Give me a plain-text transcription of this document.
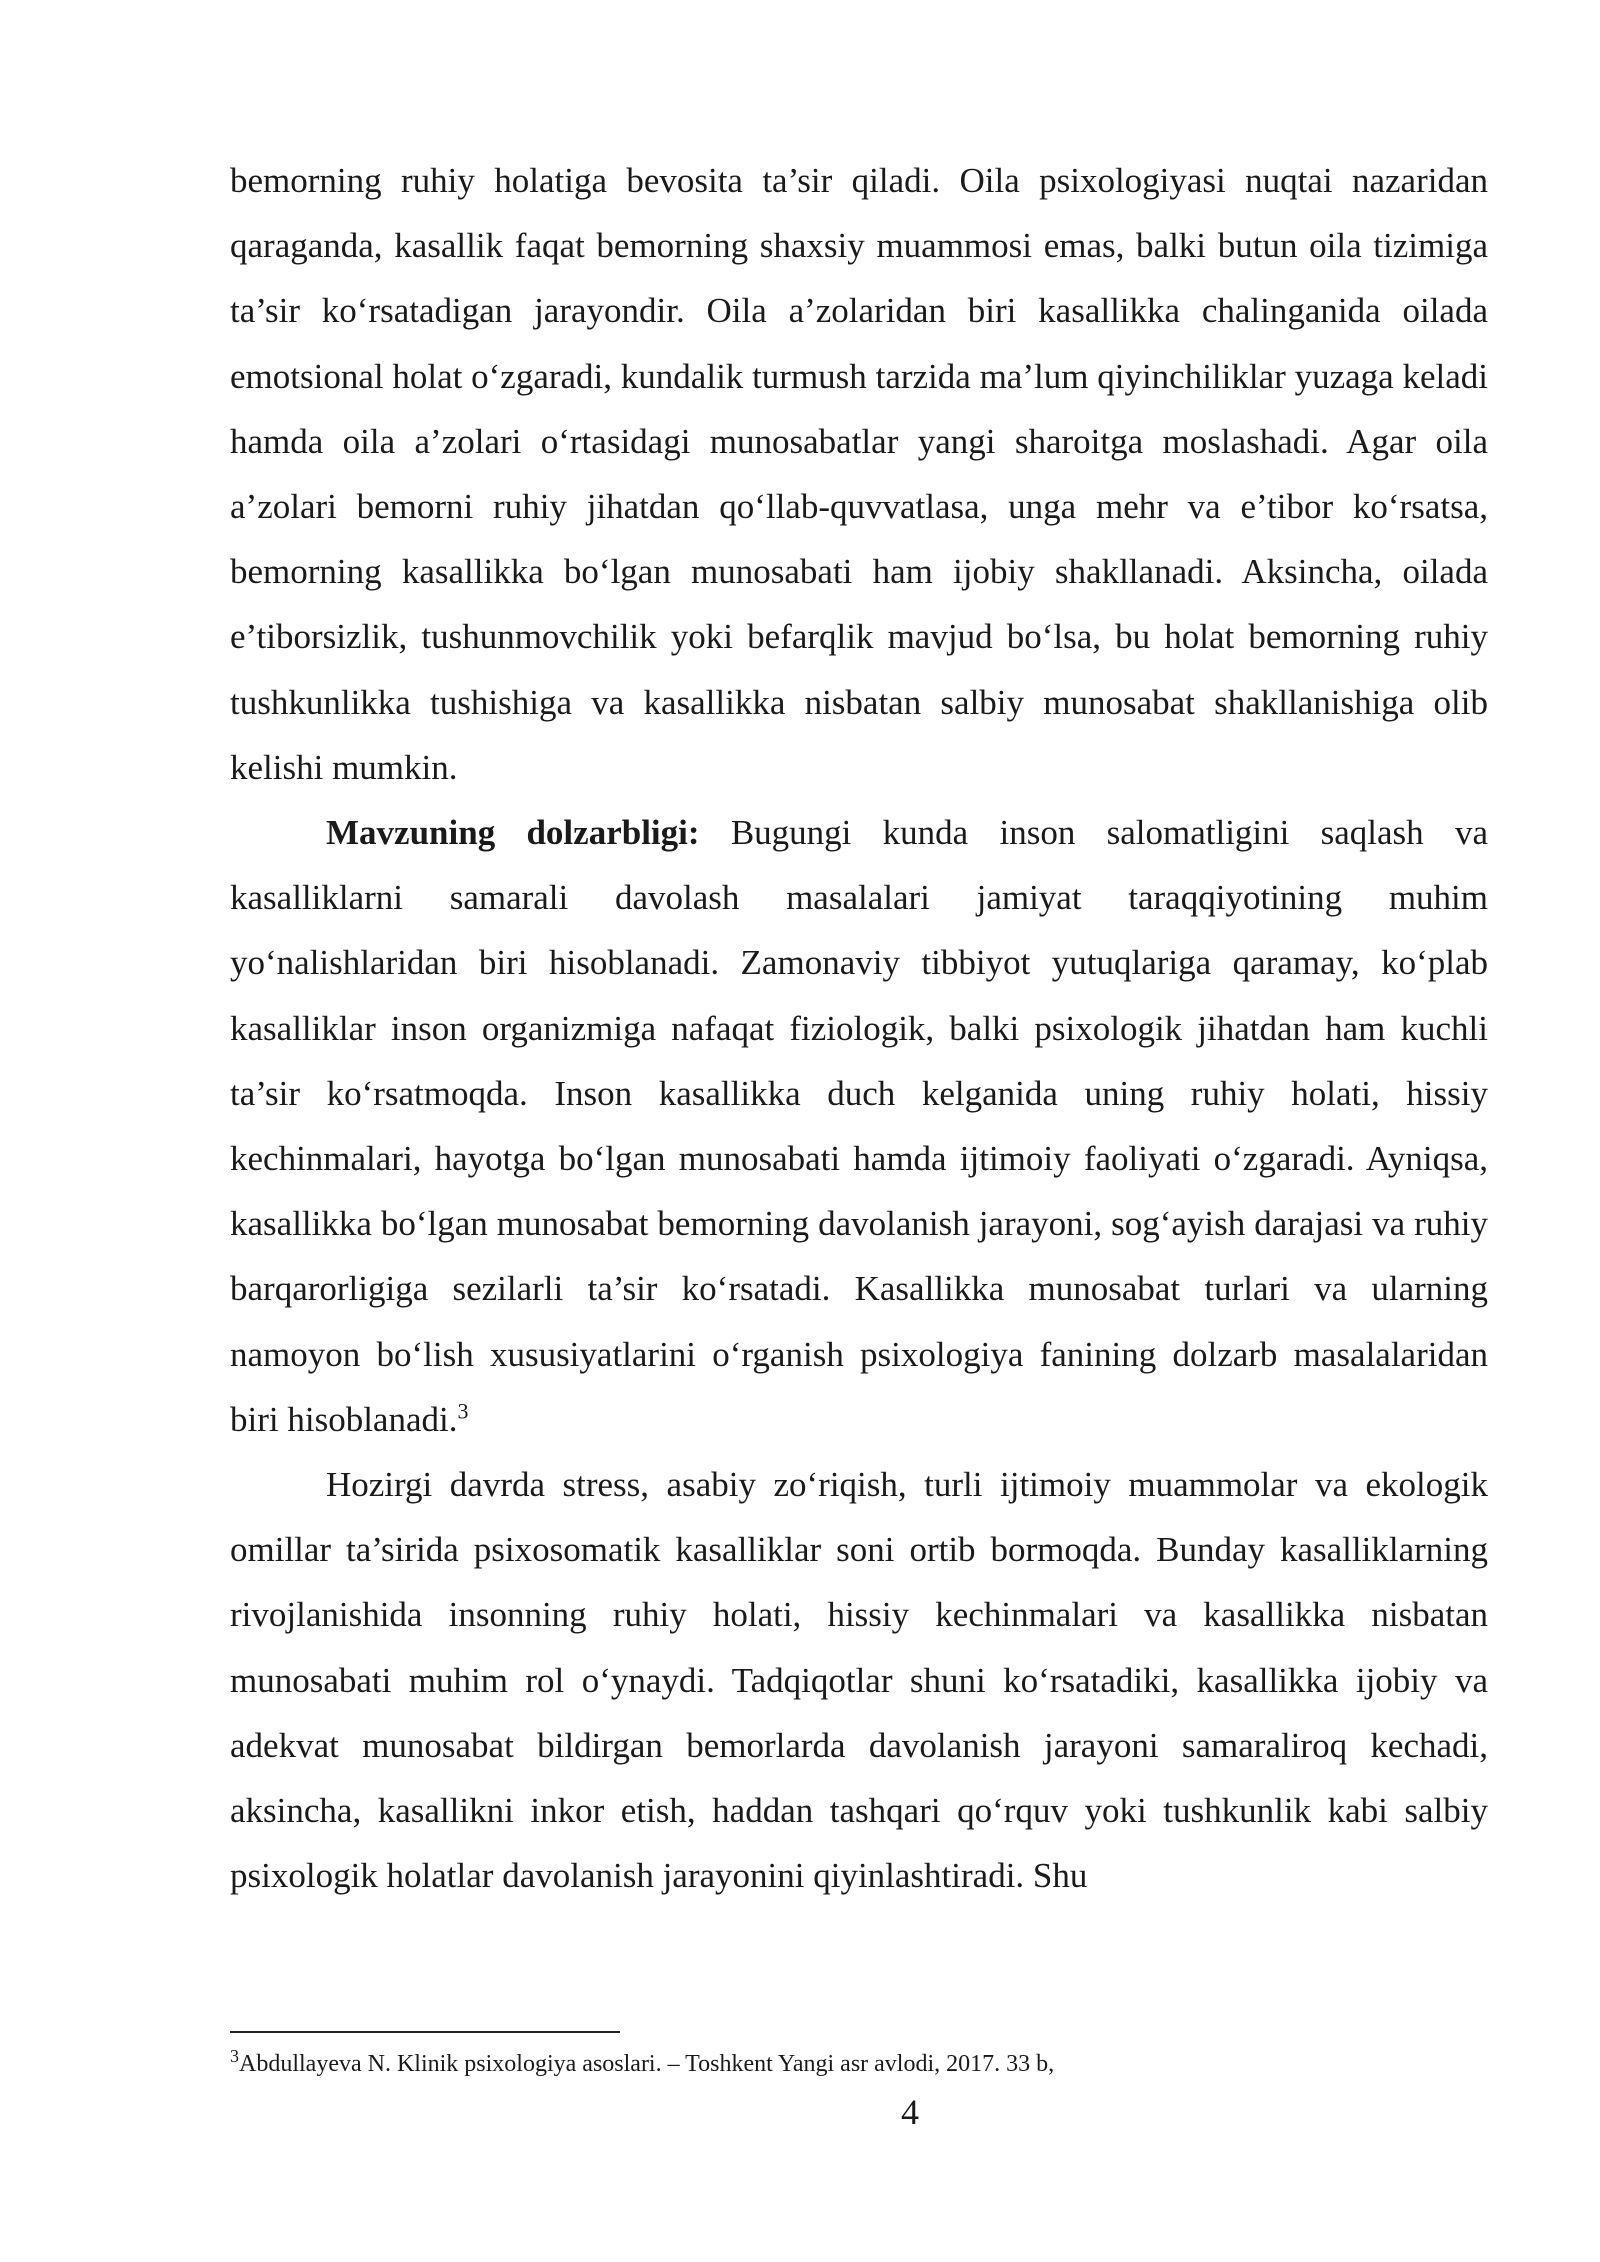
bemorning ruhiy holatiga bevosita ta’sir qiladi. Oila psixologiyasi nuqtai nazaridan qaraganda, kasallik faqat bemorning shaxsiy muammosi emas, balki butun oila tizimiga ta’sir ko‘rsatadigan jarayondir. Oila a’zolaridan biri kasallikka chalinganida oilada emotsional holat o‘zgaradi, kundalik turmush tarzida ma’lum qiyinchiliklar yuzaga keladi hamda oila a’zolari o‘rtasidagi munosabatlar yangi sharoitga moslashadi. Agar oila a’zolari bemorni ruhiy jihatdan qo‘llab-quvvatlasa, unga mehr va e’tibor ko‘rsatsa, bemorning kasallikka bo‘lgan munosabati ham ijobiy shakllanadi. Aksincha, oilada e’tiborsizlik, tushunmovchilik yoki befarqlik mavjud bo‘lsa, bu holat bemorning ruhiy tushkunlikka tushishiga va kasallikka nisbatan salbiy munosabat shakllanishiga olib kelishi mumkin.

Mavzuning dolzarbligi: Bugungi kunda inson salomatligini saqlash va kasalliklarni samarali davolash masalalari jamiyat taraqqiyotining muhim yo‘nalishlaridan biri hisoblanadi. Zamonaviy tibbiyot yutuqlariga qaramay, ko‘plab kasalliklar inson organizmiga nafaqat fiziologik, balki psixologik jihatdan ham kuchli ta’sir ko‘rsatmoqda. Inson kasallikka duch kelganida uning ruhiy holati, hissiy kechinmalari, hayotga bo‘lgan munosabati hamda ijtimoiy faoliyati o‘zgaradi. Ayniqsa, kasallikka bo‘lgan munosabat bemorning davolanish jarayoni, sog‘ayish darajasi va ruhiy barqarorligiga sezilarli ta’sir ko‘rsatadi. Kasallikka munosabat turlari va ularning namoyon bo‘lish xususiyatlarini o‘rganish psixologiya fanining dolzarb masalalaridan biri hisoblanadi.$^3$

Hozirgi davrda stress, asabiy zo‘riqish, turli ijtimoiy muammolar va ekologik omillar ta’sirida psixosomatik kasalliklar soni ortib bormoqda. Bunday kasalliklarning rivojlanishida insonning ruhiy holati, hissiy kechinmalari va kasallikka nisbatan munosabati muhim rol o‘ynaydi. Tadqiqotlar shuni ko‘rsatadiki, kasallikka ijobiy va adekvat munosabat bildirgan bemorlarda davolanish jarayoni samaraliroq kechadi, aksincha, kasallikni inkor etish, haddan tashqari qo‘rquv yoki tushkunlik kabi salbiy psixologik holatlar davolanish jarayonini qiyinlashtiradi. Shu

$^3$Abdullayeva N. Klinik psixologiya asoslari. – Toshkent Yangi asr avlodi, 2017. 33 b,

4
